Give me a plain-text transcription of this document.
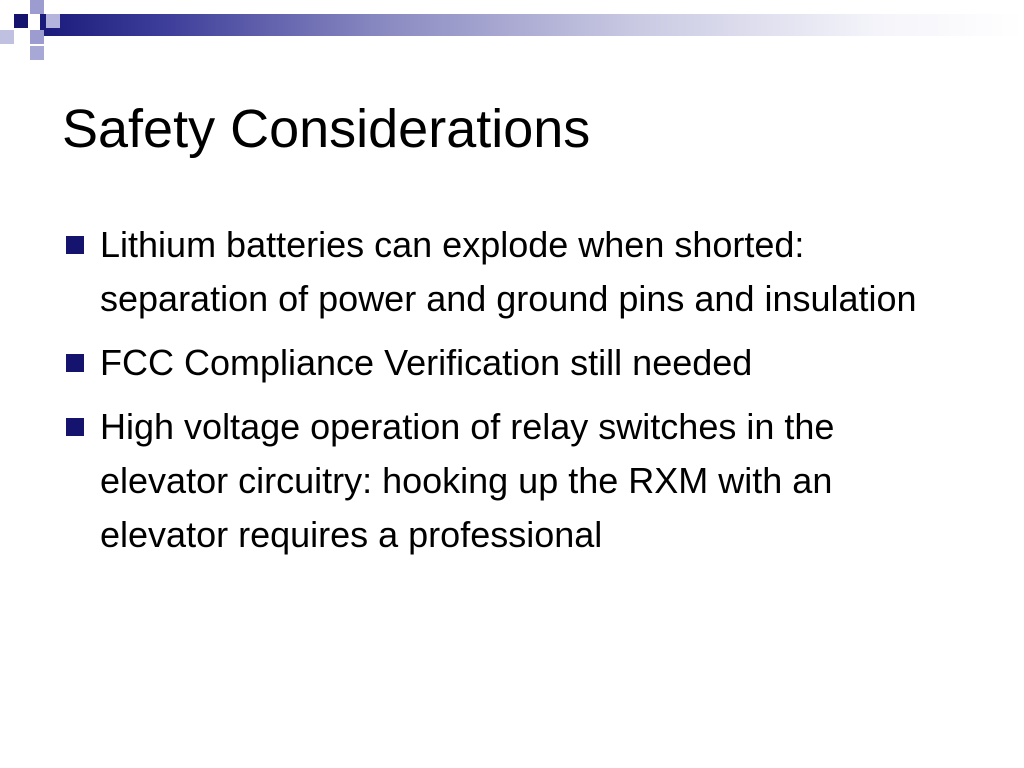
Safety Considerations
Lithium batteries can explode when shorted: separation of power and ground pins and insulation
FCC Compliance Verification still needed
High voltage operation of relay switches in the elevator circuitry: hooking up the RXM with an elevator requires a professional
